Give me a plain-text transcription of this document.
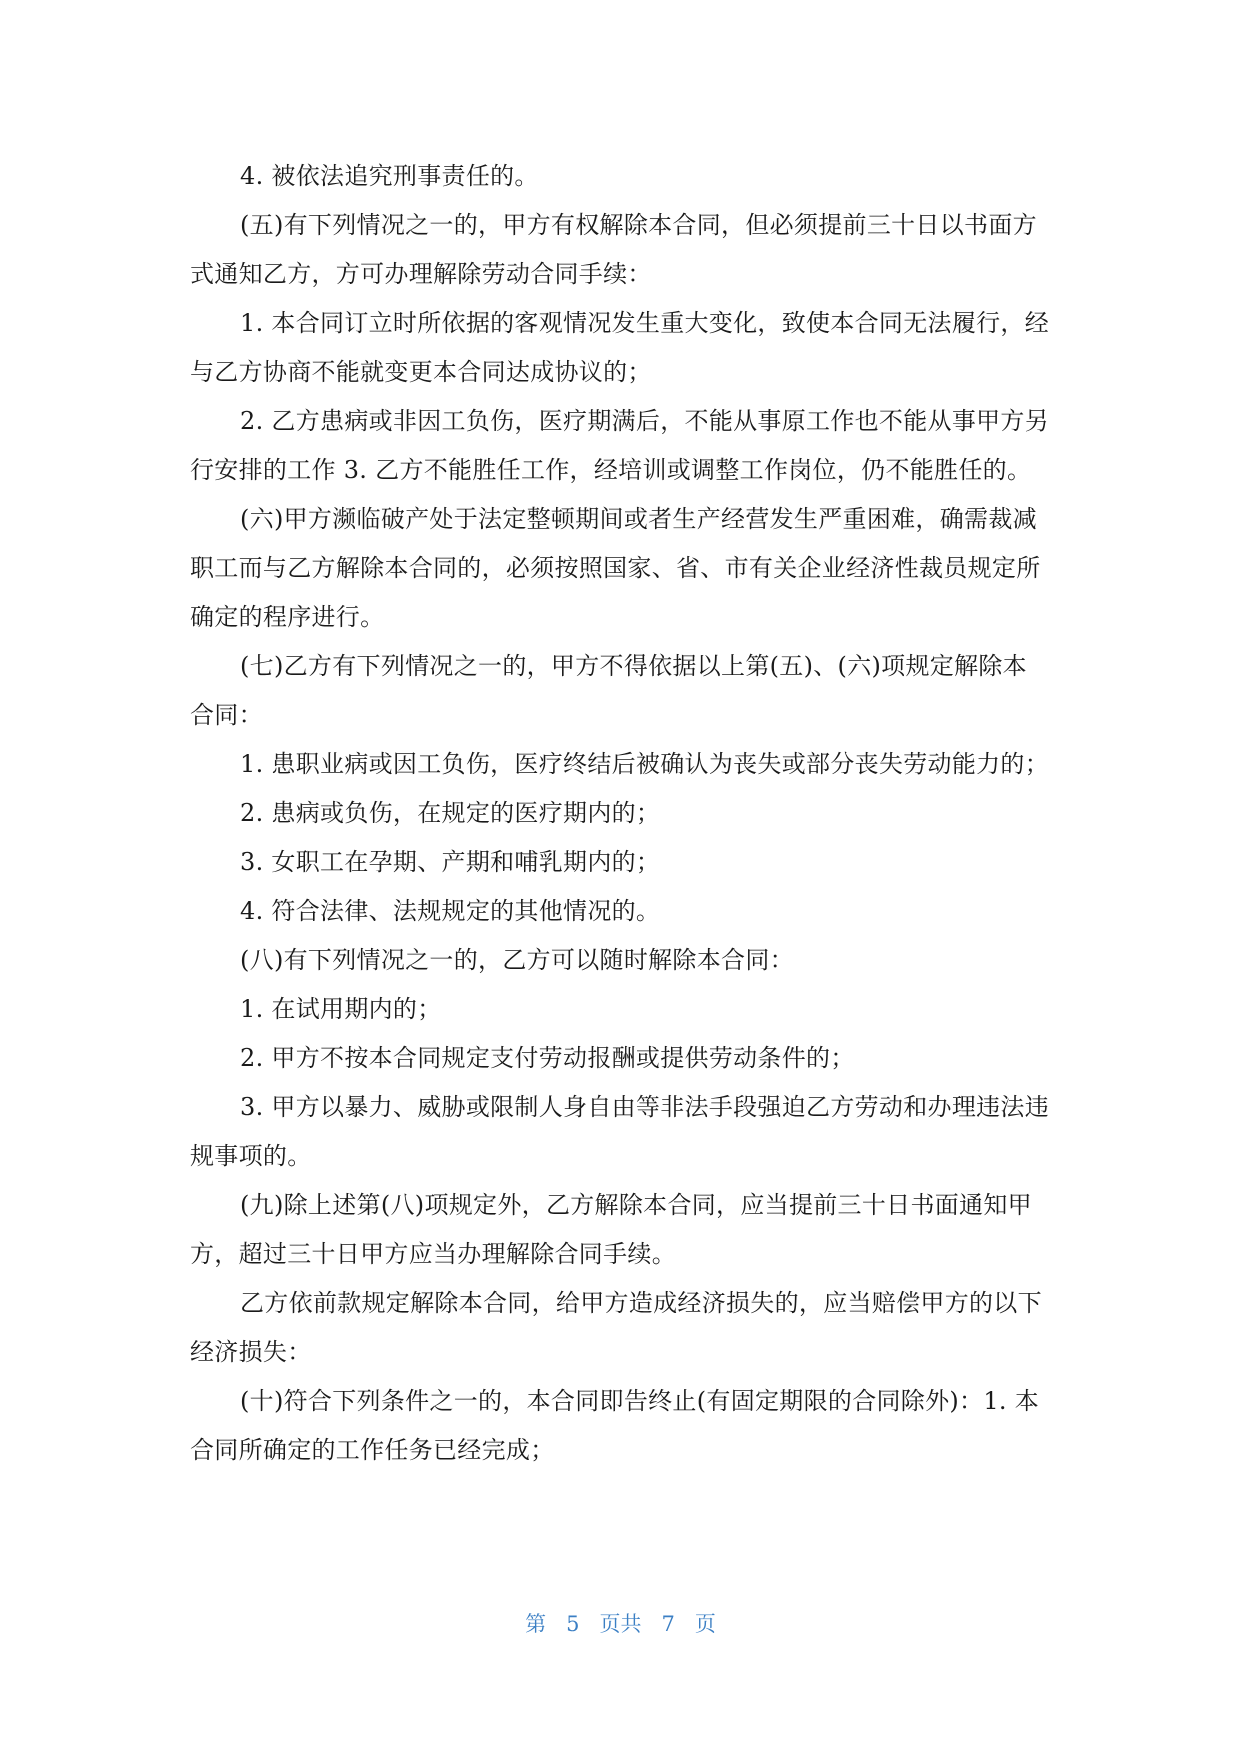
4. 被依法追究刑事责任的。

(五)有下列情况之一的，甲方有权解除本合同，但必须提前三十日以书面方式通知乙方，方可办理解除劳动合同手续：

1. 本合同订立时所依据的客观情况发生重大变化，致使本合同无法履行，经与乙方协商不能就变更本合同达成协议的；

2. 乙方患病或非因工负伤，医疗期满后，不能从事原工作也不能从事甲方另行安排的工作 3. 乙方不能胜任工作，经培训或调整工作岗位，仍不能胜任的。

(六)甲方濒临破产处于法定整顿期间或者生产经营发生严重困难，确需裁减职工而与乙方解除本合同的，必须按照国家、省、市有关企业经济性裁员规定所确定的程序进行。

(七)乙方有下列情况之一的，甲方不得依据以上第(五)、(六)项规定解除本合同：

1. 患职业病或因工负伤，医疗终结后被确认为丧失或部分丧失劳动能力的；

2. 患病或负伤，在规定的医疗期内的；

3. 女职工在孕期、产期和哺乳期内的；

4. 符合法律、法规规定的其他情况的。

(八)有下列情况之一的，乙方可以随时解除本合同：

1. 在试用期内的；

2. 甲方不按本合同规定支付劳动报酬或提供劳动条件的；

3. 甲方以暴力、威胁或限制人身自由等非法手段强迫乙方劳动和办理违法违规事项的。

(九)除上述第(八)项规定外，乙方解除本合同，应当提前三十日书面通知甲方，超过三十日甲方应当办理解除合同手续。

乙方依前款规定解除本合同，给甲方造成经济损失的，应当赔偿甲方的以下经济损失：

(十)符合下列条件之一的，本合同即告终止(有固定期限的合同除外)：1. 本合同所确定的工作任务已经完成；

第 5 页共 7 页
